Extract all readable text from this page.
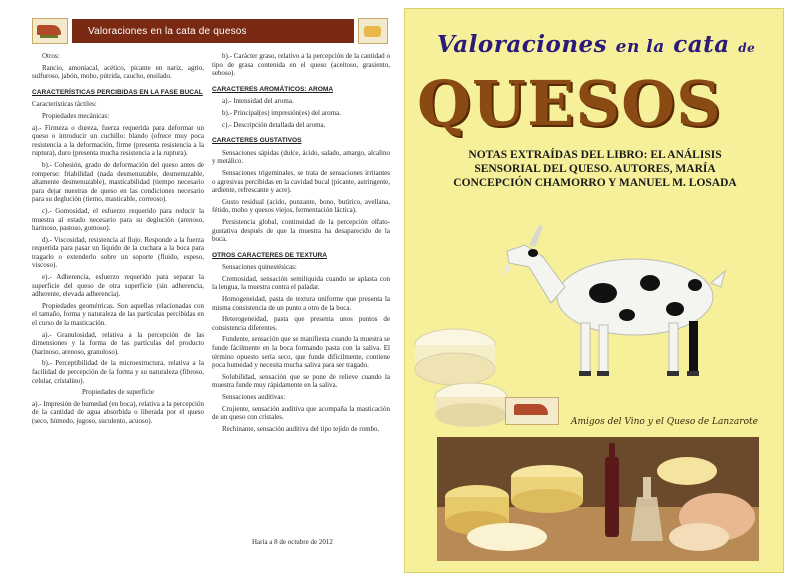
Valoraciones en la cata de quesos

Otros:

Rancio, amoniacal, acético, picante en nariz, agrio, sulfuroso, jabón, moho, pútrida, caucho, ensilado.

CARACTERÍSTICAS PERCIBIDAS EN LA FASE BUCAL

Características táctiles:

Propiedades mecánicas:

a).- Firmeza o dureza, fuerza requerida para deformar un queso o introducir un cuchillo: blando (ofrece muy poca resistencia a la deformación, firme (presenta resistencia a la ruptura), duro (presenta mucha resistencia a la ruptura).

b).- Cohesión, grado de deformación del queso antes de romperse: friabilidad (nada desmenuzable, desmenuzable, altamente desmenuzable), masticabilidad (tiempo necesario para dejar nuestras de queso en las condiciones necesario para su deglución (tierno, masticable, correoso).

c).- Gomosidad, el esfuerzo requerido para reducir la muestra al estado necesario para su deglución (arenoso, harinoso, pastoso, gomoso).

d).- Viscosidad, resistencia al flujo. Responde a la fuerza requerida para pasar un líquido de la cuchara a la boca para tragarlo o extenderlo sobre un soporte (fluido, espeso, viscoso).

e).- Adherencia, esfuerzo requerido para separar la superficie del queso de otra superficie (sin adherencia, adherente, elevada adherencia).

Propiedades geométricas. Son aquellas relacionadas con el tamaño, forma y naturaleza de las partículas percibidas en el curso de la masticación.

a).- Granulosidad, relativa a la percepción de las dimensiones y la forma de las partículas del producto (harinoso, arenoso, granuloso).

b).- Perceptibilidad de la microestructura, relativa a la facilidad de percepción de la forma y su naturaleza (fibroso, celular, cristalino).

Propiedades de superficie

a).- Impresión de humedad (en boca), relativa a la percepción de la cantidad de agua absorbida o liberada por el queso (seco, húmedo, jugoso, suculento, acuoso).

b).- Carácter graso, relativo a la percepción de la cantidad o tipo de grasa contenida en el queso (aceitoso, grasiento, seboso).

CARACTERES AROMÁTICOS: AROMA

a).- Intensidad del aroma.

b).- Principal(es) impresión(es) del aroma.

c).- Descripción detallada del aroma.

CARACTERES GUSTATIVOS

Sensaciones sápidas (dulce, ácido, salado, amargo, alcalino y metálico.

Sensaciones trigeminales, se trata de sensaciones irritantes o agresivas percibidas en la cavidad bucal (picante, astringente, ardiente, refrescante y acre).

Gusto residual (acido, punzante, bono, butírico, avellana, fétido, moho y quesos viejos, fermentación láctica).

Persistencia global, continuidad de la percepción olfato-gustativa después de que la muestra ha desaparecido de la boca.

OTROS CARACTERES DE TEXTURA

Sensaciones quinestésicas:

Cremosidad, sensación semilíquida cuando se aplasta con la lengua, la muestra contra el paladar.

Homogeneidad, pasta de textura uniforme que presenta la misma consistencia de un punto a otro de la boca.

Heterogeneidad, pasta que presenta unos puntos de consistencia diferentes.

Fundente, sensación que se manifiesta cuando la muestra se funde fácilmente en la boca formando pasta con la saliva. El término opuesto sería seco, que funde difícilmente, contiene poca humedad y necesita mucha saliva para ser tragado.

Solubilidad, sensación que se pone de relieve cuando la muestra funde muy rápidamente en la saliva.

Sensaciones auditivas:

Crujiente, sensación auditiva que acompaña la masticación de un queso con cristales.

Rechinante, sensación auditiva del tipo tejido de rombo.

Haría a 8 de octubre de 2012
Valoraciones en la cata de
QUESOS
NOTAS EXTRAÍDAS DEL LIBRO: EL ANÁLISIS
SENSORIAL DEL QUESO. AUTORES, MARÍA
CONCEPCIÓN CHAMORRO Y MANUEL M. LOSADA
Amigos del Vino y el Queso de Lanzarote
